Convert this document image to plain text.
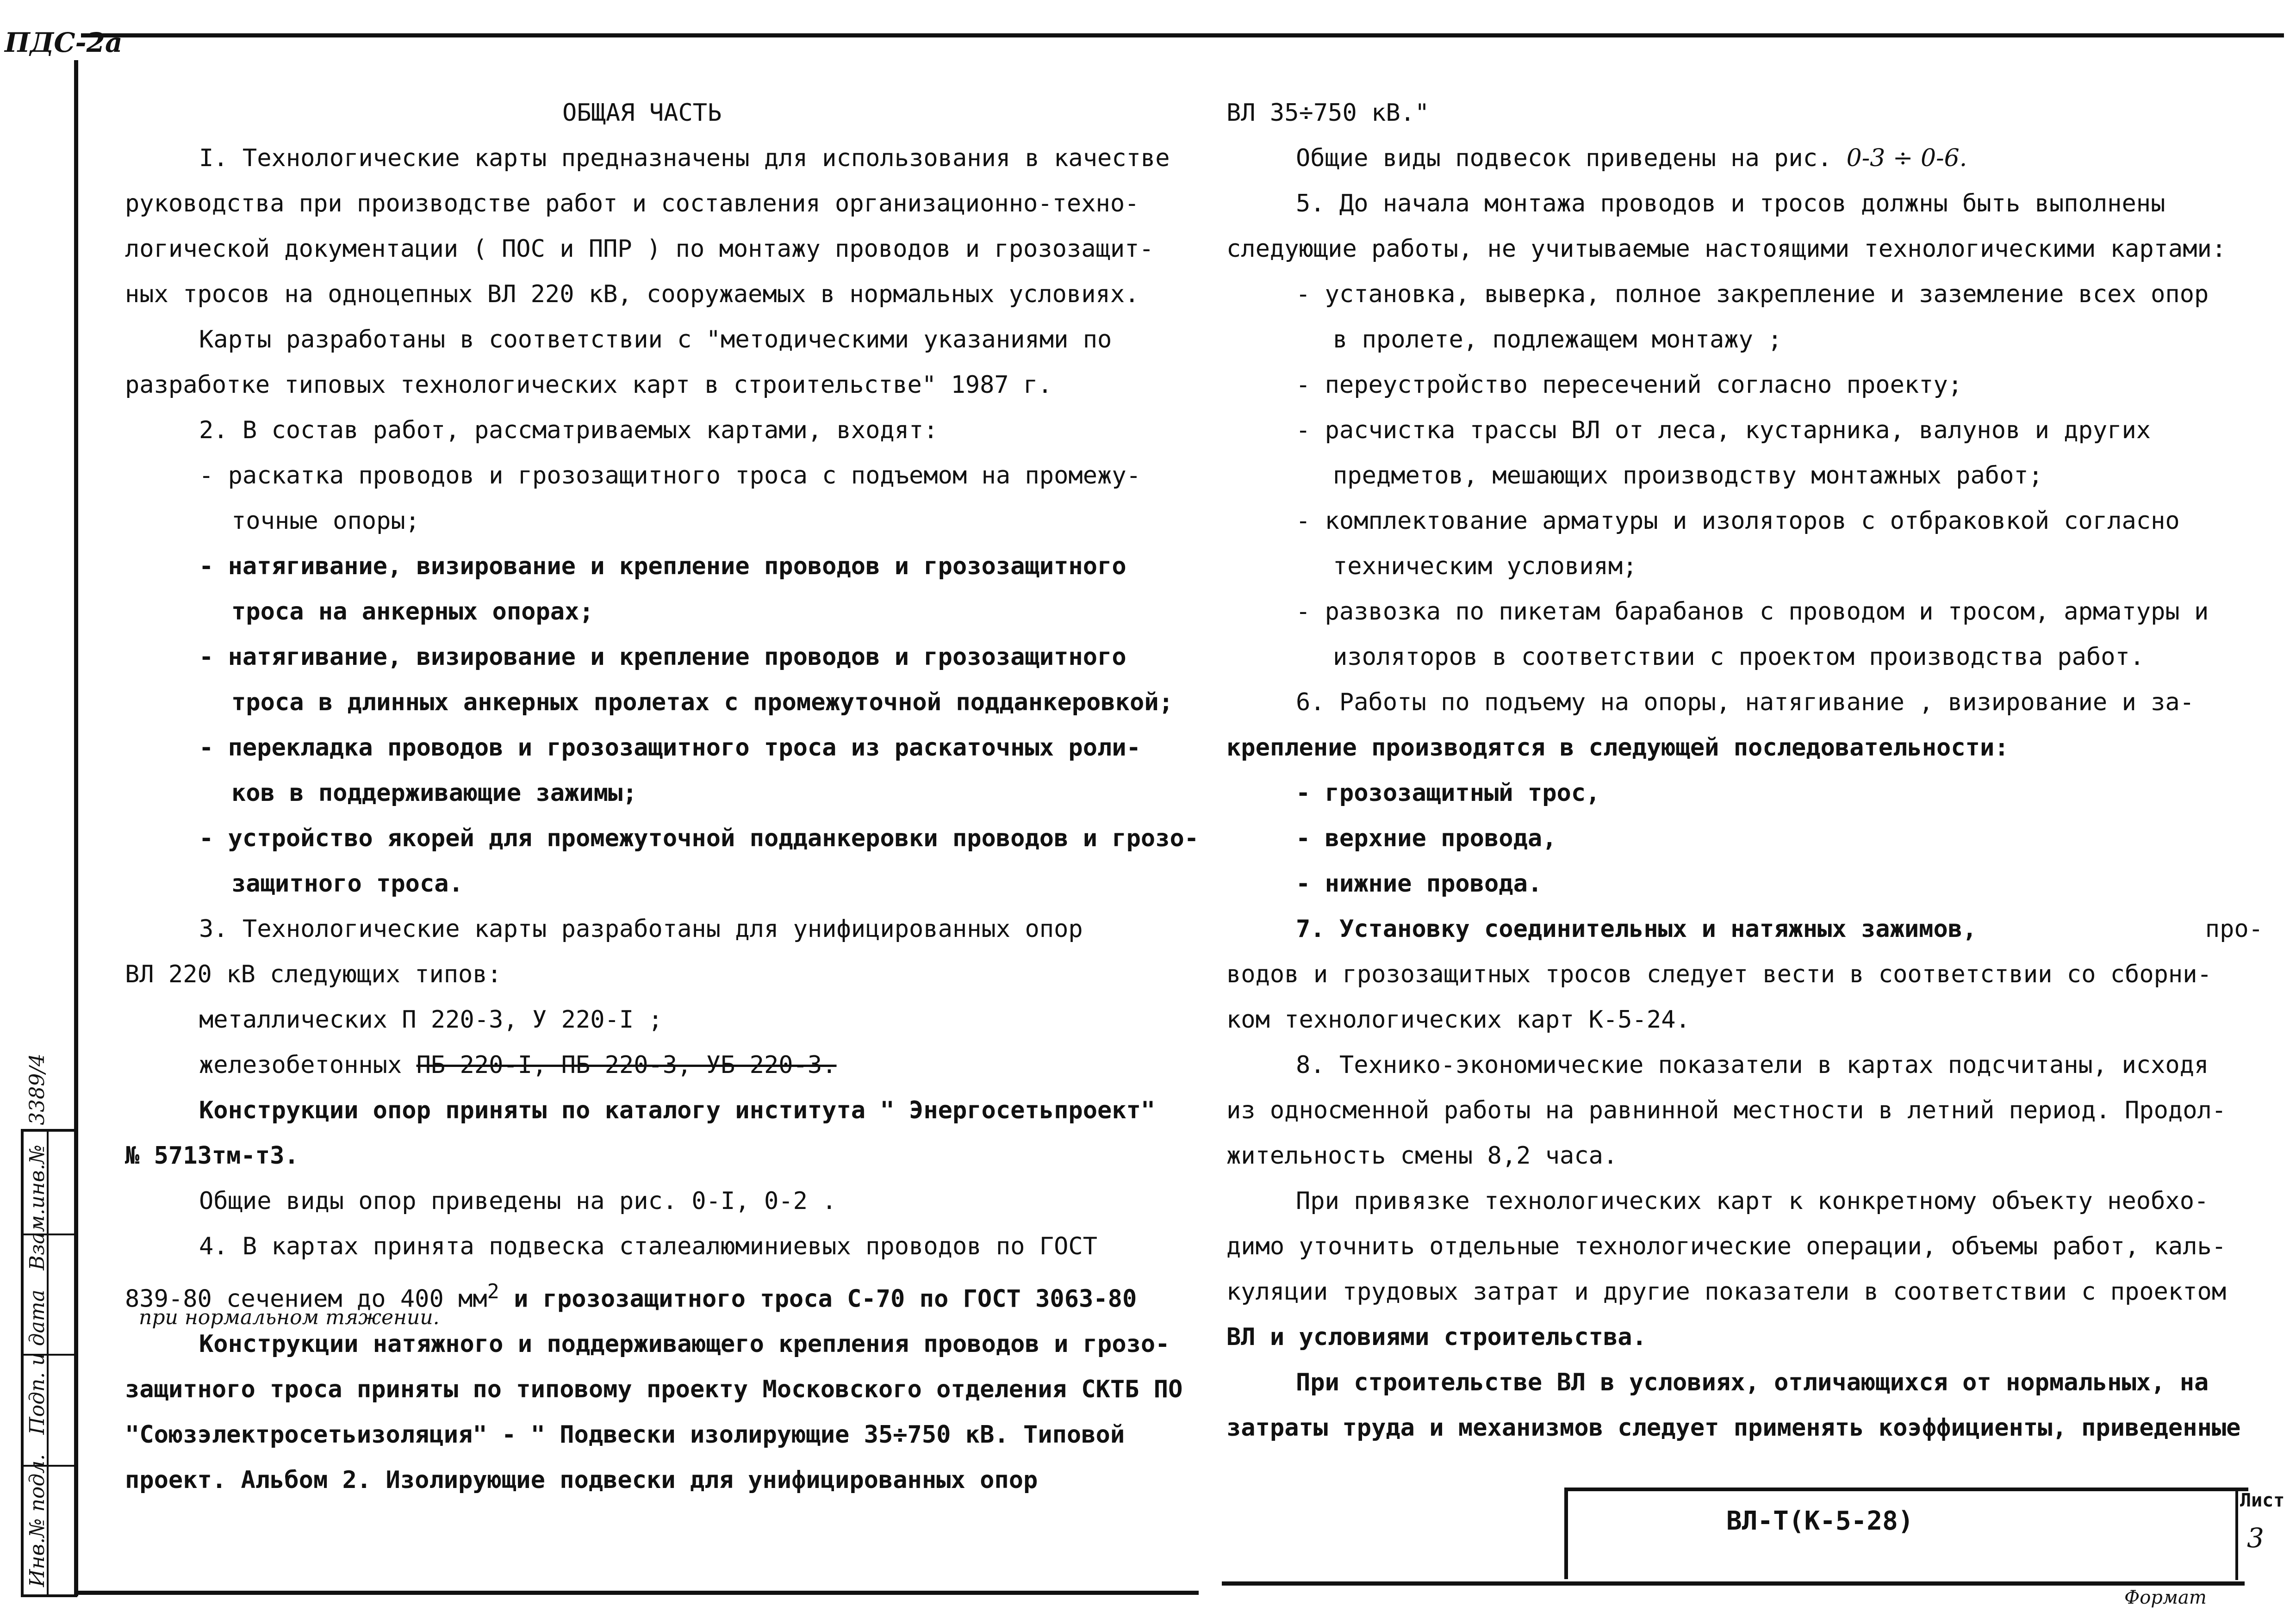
ПДС-2а

ОБЩАЯ ЧАСТЬ

I. Технологические карты предназначены для использования в качестве

руководства при производстве работ и составления организационно-техно-

логической документации ( ПОС и ППР ) по монтажу проводов и грозозащит-

ных тросов на одноцепных ВЛ 220 кВ, сооружаемых в нормальных условиях.

Карты разработаны в соответствии с "методическими указаниями по

разработке типовых технологических карт в строительстве" 1987 г.

2. В состав работ, рассматриваемых картами, входят:

- раскатка проводов и грозозащитного троса с подъемом на промежу-

точные опоры;

- натягивание, визирование и крепление проводов и грозозащитного

троса на анкерных опорах;

- натягивание, визирование и крепление проводов и грозозащитного

троса в длинных анкерных пролетах с промежуточной подданкеровкой;

- перекладка проводов и грозозащитного троса из раскаточных роли-

ков в поддерживающие зажимы;

- устройство якорей для промежуточной подданкеровки проводов и грозо-

защитного троса.

3. Технологические карты разработаны для унифицированных опор

ВЛ 220 кВ следующих типов:

металлических П 220-3, У 220-I ;

железобетонных ПБ 220-I, ПБ 220-3, УБ 220-3.

Конструкции опор приняты по каталогу института " Энергосетьпроект"

№ 5713тм-т3.

Общие виды опор приведены на рис. 0-I, 0-2 .

4. В картах принята подвеска сталеалюминиевых проводов по ГОСТ

839-80 сечением до 400 $мм^2$ и грозозащитного троса С-70 по ГОСТ 3063-80

при нормальном тяжении.

Конструкции натяжного и поддерживающего крепления проводов и грозо-

защитного троса приняты по типовому проекту Московского отделения СКТБ ПО

"Союзэлектросетьизоляция" - " Подвески изолирующие 35÷750 кВ. Типовой

проект. Альбом 2. Изолирующие подвески для унифицированных опор

ВЛ 35÷750 кВ."

Общие виды подвесок приведены на рис. 0-3 ÷ 0-6.

5. До начала монтажа проводов и тросов должны быть выполнены

следующие работы, не учитываемые настоящими технологическими картами:

- установка, выверка, полное закрепление и заземление всех опор

в пролете, подлежащем монтажу ;

- переустройство пересечений согласно проекту;

- расчистка трассы ВЛ от леса, кустарника, валунов и других

предметов, мешающих производству монтажных работ;

- комплектование арматуры и изоляторов с отбраковкой согласно

техническим условиям;

- развозка по пикетам барабанов с проводом и тросом, арматуры и

изоляторов в соответствии с проектом производства работ.

6. Работы по подъему на опоры, натягивание , визирование и за-

крепление производятся в следующей последовательности:

- грозозащитный трос,

- верхние провода,

- нижние провода.

7. Установку соединительных и натяжных зажимов,	про-

водов и грозозащитных тросов следует вести в соответствии со сборни-

ком технологических карт К-5-24.

8. Технико-экономические показатели в картах подсчитаны, исходя

из односменной работы на равнинной местности в летний период. Продол-

жительность смены 8,2 часа.

При привязке технологических карт к конкретному объекту необхо-

димо уточнить отдельные технологические операции, объемы работ, каль-

куляции трудовых затрат и другие показатели в соответствии с проектом

ВЛ и условиями строительства.

При строительстве ВЛ в условиях, отличающихся от нормальных, на

затраты труда и механизмов следует применять коэффициенты, приведенные

ВЛ-Т(К-5-28)
Лист
3
Формат
Инв.№ подл.   Подп. и дата   Взам.инв.№   3389/4
